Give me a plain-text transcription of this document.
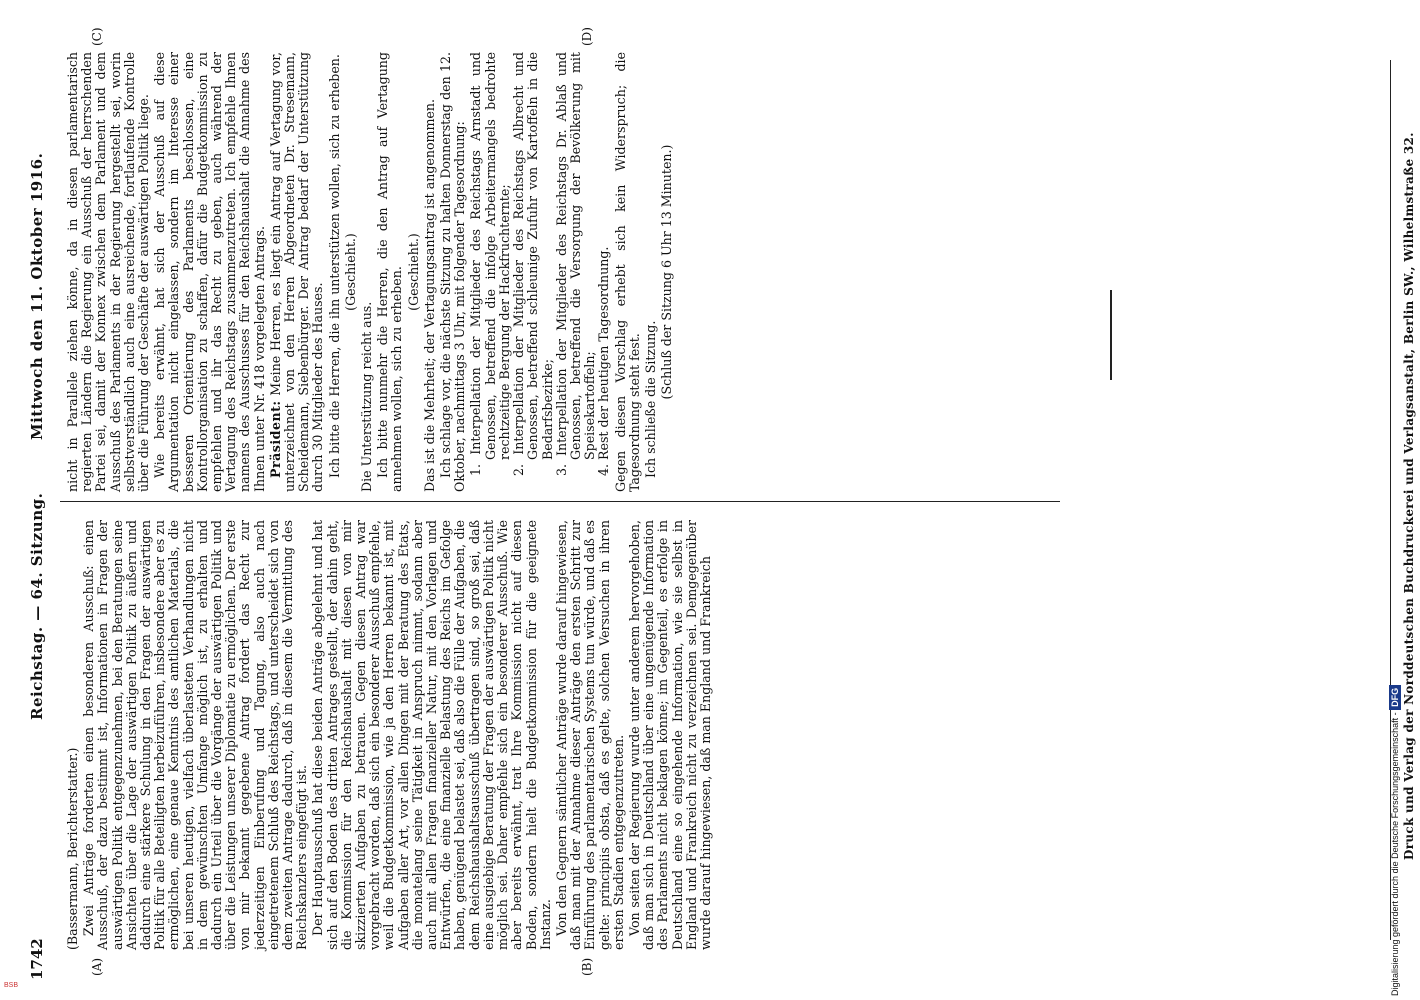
1742
Reichstag. — 64. Sitzung.
Mittwoch den 11. Oktober 1916.
(A)	(B)
(C)	(D)

(Bassermann, Berichterstatter.) Zwei Anträge forderten einen besonderen Ausschuß: einen Ausschuß, der dazu bestimmt ist, Informationen in Fragen der auswärtigen Politik entgegenzunehmen, bei den Beratungen seine Ansichten über die Lage der auswärtigen Politik zu äußern und dadurch eine stärkere Schulung in den Fragen der auswärtigen Politik für alle Beteiligten herbeizuführen, insbesondere aber es zu ermöglichen, eine genaue Kenntnis des amtlichen Materials, die bei unseren heutigen, vielfach überlasteten Verhandlungen nicht in dem gewünschten Umfange möglich ist, zu erhalten und dadurch ein Urteil über die Vorgänge der auswärtigen Politik und über die Leistungen unserer Diplomatie zu ermöglichen. Der erste von mir bekannt gegebene Antrag fordert das Recht zur jederzeitigen Einberufung und Tagung, also auch nach eingetretenem Schluß des Reichstags, und unterscheidet sich von dem zweiten Antrage dadurch, daß in diesem die Vermittlung des Reichskanzlers eingefügt ist. Der Hauptausschuß hat diese beiden Anträge abgelehnt und hat sich auf den Boden des dritten Antrages gestellt, der dahin geht, die Kommission für den Reichshaushalt mit diesen von mir skizzierten Aufgaben zu betrauen. Gegen diesen Antrag war vorgebracht worden, daß sich ein besonderer Ausschuß empfehle, weil die Budgetkommission, wie ja den Herren bekannt ist, mit Aufgaben aller Art, vor allen Dingen mit der Beratung des Etats, die monatelang seine Tätigkeit in Anspruch nimmt, sodann aber auch mit allen Fragen finanzieller Natur, mit den Vorlagen und Entwürfen, die eine finanzielle Belastung des Reichs im Gefolge haben, genügend belastet sei, daß also die Fülle der Aufgaben, die dem Reichshaushaltsausschuß übertragen sind, so groß sei, daß eine ausgiebige Beratung der Fragen der auswärtigen Politik nicht möglich sei. Daher empfehle sich ein besonderer Ausschuß. Wie aber bereits erwähnt, trat Ihre Kommission nicht auf diesen Boden, sondern hielt die Budgetkommission für die geeignete Instanz. Von den Gegnern sämtlicher Anträge wurde darauf hingewiesen, daß man mit der Annahme dieser Anträge den ersten Schritt zur Einführung des parlamentarischen Systems tun würde, und daß es gelte: principiis obsta, daß es gelte, solchen Versuchen in ihren ersten Stadien entgegenzutreten. Von seiten der Regierung wurde unter anderem hervorgehoben, daß man sich in Deutschland über eine ungenügende Information des Parlaments nicht beklagen könne; im Gegenteil, es erfolge in Deutschland eine so eingehende Information, wie sie selbst in England und Frankreich nicht zu verzeichnen sei. Demgegenüber wurde darauf hingewiesen, daß man England und Frankreich

nicht in Parallele ziehen könne, da in diesen parlamentarisch regierten Ländern die Regierung ein Ausschuß der herrschenden Partei sei, damit der Konnex zwischen dem Parlament und dem Ausschuß des Parlaments in der Regierung hergestellt sei, worin selbstverständlich auch eine ausreichende, fortlaufende Kontrolle über die Führung der Geschäfte der auswärtigen Politik liege. Wie bereits erwähnt, hat sich der Ausschuß auf diese Argumentation nicht eingelassen, sondern im Interesse einer besseren Orientierung des Parlaments beschlossen, eine Kontrollorganisation zu schaffen, dafür die Budgetkommission zu empfehlen und ihr das Recht zu geben, auch während der Vertagung des Reichstags zusammenzutreten. Ich empfehle Ihnen namens des Ausschusses für den Reichshaushalt die Annahme des Ihnen unter Nr. 418 vorgelegten Antrags. Präsident: Meine Herren, es liegt ein Antrag auf Vertagung vor, unterzeichnet von den Herren Abgeordneten Dr. Stresemann, Scheidemann, Siebenbürger. Der Antrag bedarf der Unterstützung durch 30 Mitglieder des Hauses. Ich bitte die Herren, die ihn unterstützen wollen, sich zu erheben. (Geschieht.)

Die Unterstützung reicht aus. Ich bitte nunmehr die Herren, die den Antrag auf Vertagung annehmen wollen, sich zu erheben. (Geschieht.) Das ist die Mehrheit; der Vertagungsantrag ist angenommen. Ich schlage vor, die nächste Sitzung zu halten Donnerstag den 12. Oktober, nachmittags 3 Uhr, mit folgender Tagesordnung: 1. Interpellation der Mitglieder des Reichstags Arnstadt und Genossen, betreffend die infolge Arbeitermangels bedrohte rechtzeitige Bergung der Hackfruchternte; 2. Interpellation der Mitglieder des Reichstags Albrecht und Genossen, betreffend schleunige Zufuhr von Kartoffeln in die Bedarfsbezirke; 3. Interpellation der Mitglieder des Reichstags Dr. Ablaß und Genossen, betreffend die Versorgung der Bevölkerung mit Speisekartoffeln; 4. Rest der heutigen Tagesordnung. Gegen diesen Vorschlag erhebt sich kein Widerspruch; die Tagesordnung steht fest. Ich schließe die Sitzung. (Schluß der Sitzung 6 Uhr 13 Minuten.)	Druck und Verlag der Norddeutschen Buchdruckerei und Verlagsanstalt, Berlin SW., Wilhelmstraße 32.
Digitalisierung gefördert durch die Deutsche Forschungsgemeinschaft - DFG
BSB
